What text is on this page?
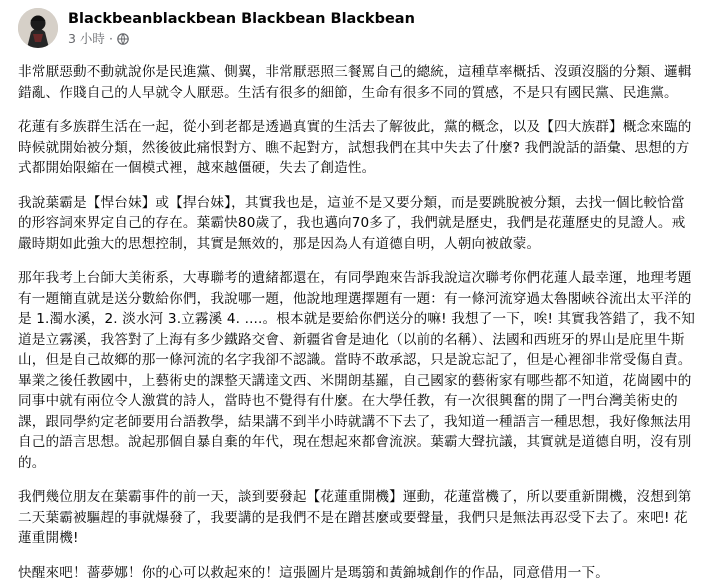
Blackbeanblackbean Blackbean Blackbean
3 小時 ·

非常厭惡動不動就說你是民進黨、側翼，非常厭惡照三餐罵自己的總統，這種草率概括、沒頭沒腦的分類、邏輯錯亂、作賤自己的人早就令人厭惡。生活有很多的細節，生命有很多不同的質感，不是只有國民黨、民進黨。

花蓮有多族群生活在一起，從小到老都是透過真實的生活去了解彼此，黨的概念，以及【四大族群】概念來臨的時候就開始被分類，然後彼此痛恨對方、瞧不起對方，試想我們在其中失去了什麼? 我們說話的語彙、思想的方式都開始限縮在一個模式裡，越來越僵硬，失去了創造性。

我說葉霸是【悍台妹】或【捍台妹】，其實我也是，這並不是又要分類，而是要跳脫被分類，去找一個比較恰當的形容詞來界定自己的存在。葉霸快80歲了，我也邁向70多了，我們就是歷史，我們是花蓮歷史的見證人。戒嚴時期如此強大的思想控制，其實是無效的，那是因為人有道德自明，人朝向被啟蒙。

那年我考上台師大美術系，大專聯考的遺緒都還在，有同學跑來告訴我說這次聯考你們花蓮人最幸運，地理考題有一題簡直就是送分數給你們，我說哪一題，他說地理選擇題有一題：有一條河流穿過太魯閣峽谷流出太平洋的是 1.濁水溪，2. 淡水河 3.立霧溪 4. ....。根本就是要給你們送分的嘛! 我想了一下，唉! 其實我答錯了，我不知道是立霧溪，我答對了上海有多少鐵路交會、新疆省會是迪化（以前的名稱）、法國和西班牙的界山是庇里牛斯山，但是自己故鄉的那一條河流的名字我卻不認識。當時不敢承認，只是說忘記了，但是心裡卻非常受傷自責。畢業之後任教國中，上藝術史的課整天講達文西、米開朗基羅，自己國家的藝術家有哪些都不知道，花崗國中的同事中就有兩位令人激賞的詩人，當時也不覺得有什麼。在大學任教，有一次很興奮的開了一門台灣美術史的課，跟同學約定老師要用台語教學，結果講不到半小時就講不下去了，我知道一種語言一種思想，我好像無法用自己的語言思想。說起那個自暴自棄的年代，現在想起來都會流淚。葉霸大聲抗議，其實就是道德自明，沒有別的。

我們幾位朋友在葉霸事件的前一天，談到要發起【花蓮重開機】運動，花蓮當機了，所以要重新開機，沒想到第二天葉霸被驅趕的事就爆發了，我要講的是我們不是在蹭甚麼或要聲量，我們只是無法再忍受下去了。來吧! 花蓮重開機!

快醒來吧！薔夢娜！你的心可以救起來的！這張圖片是瑪篛和黃錦城創作的作品，同意借用一下。
